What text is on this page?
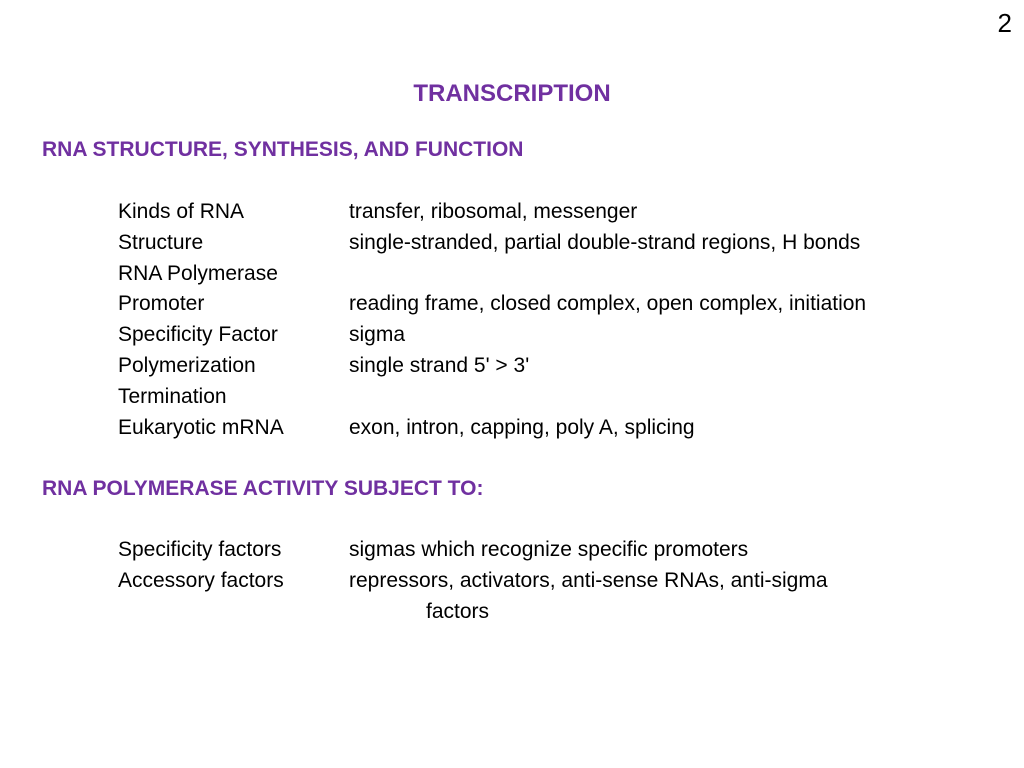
2
TRANSCRIPTION
RNA STRUCTURE, SYNTHESIS, AND FUNCTION
Kinds of RNA	transfer, ribosomal, messenger
Structure	single-stranded, partial double-strand regions, H bonds
RNA Polymerase
Promoter	reading frame, closed complex, open complex, initiation
Specificity Factor	sigma
Polymerization	single strand 5' > 3'
Termination
Eukaryotic mRNA	exon, intron, capping, poly A, splicing
RNA POLYMERASE ACTIVITY SUBJECT TO:
Specificity factors	sigmas which recognize specific promoters
Accessory factors	repressors, activators, anti-sense RNAs, anti-sigma
factors
